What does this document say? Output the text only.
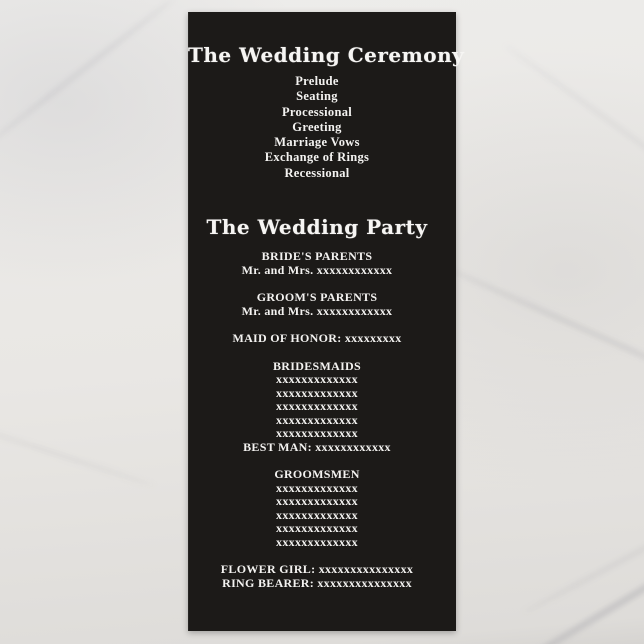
The Wedding Ceremony
Prelude
Seating
Processional
Greeting
Marriage Vows
Exchange of Rings
Recessional
The Wedding Party
BRIDE'S PARENTS
Mr. and Mrs. xxxxxxxxxxxx
GROOM'S PARENTS
Mr. and Mrs. xxxxxxxxxxxx
MAID OF HONOR: xxxxxxxxx
BRIDESMAIDS
xxxxxxxxxxxxx
xxxxxxxxxxxxx
xxxxxxxxxxxxx
xxxxxxxxxxxxx
xxxxxxxxxxxxx
BEST MAN: xxxxxxxxxxxx
GROOMSMEN
xxxxxxxxxxxxx
xxxxxxxxxxxxx
xxxxxxxxxxxxx
xxxxxxxxxxxxx
xxxxxxxxxxxxx
FLOWER GIRL: xxxxxxxxxxxxxxx
RING BEARER: xxxxxxxxxxxxxxx
